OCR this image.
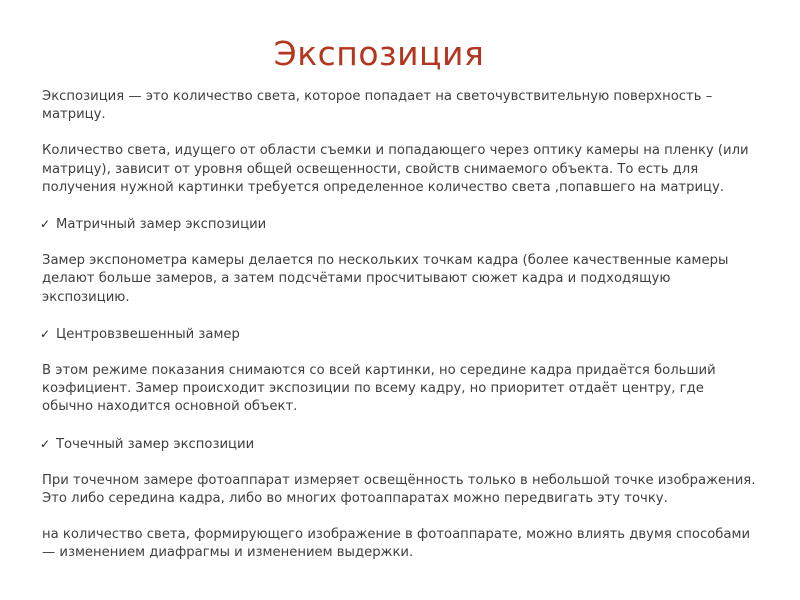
Экспозиция

Экспозиция — это количество света, которое попадает на светочувствительную поверхность – матрицу.

Количество света, идущего от области съемки и попадающего через оптику камеры на пленку (или матрицу), зависит от уровня общей освещенности, свойств снимаемого объекта. То есть для получения нужной картинки требуется определенное количество света ,попавшего на матрицу.

✓ Матричный замер экспозиции

Замер экспонометра камеры делается по нескольких точкам кадра (более качественные камеры делают больше замеров, а затем подсчётами просчитывают сюжет кадра и подходящую экспозицию.

✓ Центровзвешенный замер

В этом режиме показания снимаются со всей картинки, но середине кадра придаётся больший коэфициент. Замер происходит экспозиции по всему кадру, но приоритет отдаёт центру, где обычно находится основной объект.

✓ Точечный замер экспозиции

При точечном замере фотоаппарат измеряет освещённость только в небольшой точке изображения. Это либо середина кадра, либо во многих фотоаппаратах можно передвигать эту точку.

на количество света, формирующего изображение в фотоаппарате, можно влиять двумя способами — изменением диафрагмы и изменением выдержки.
